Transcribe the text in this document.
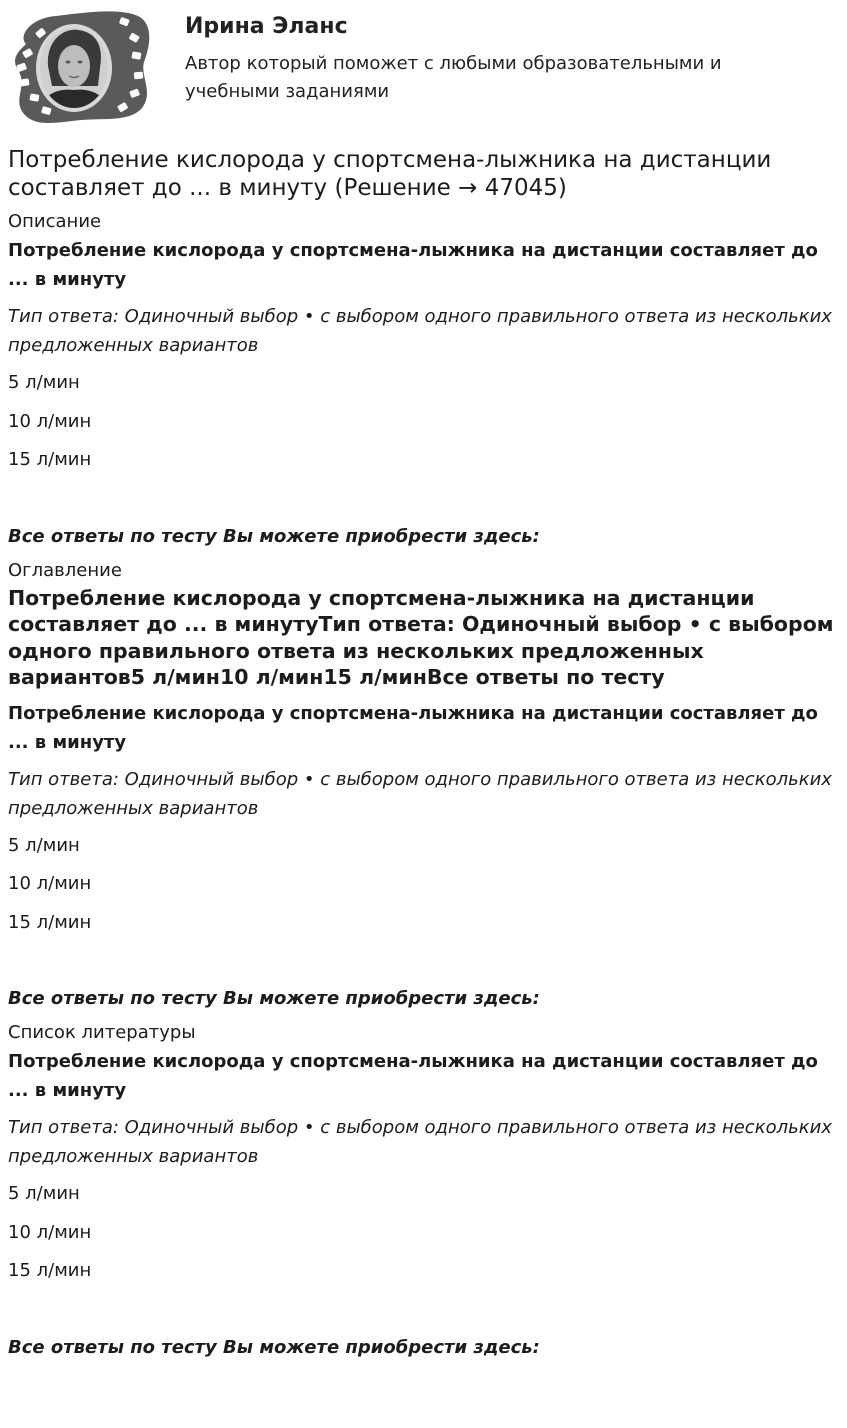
Ирина Эланс

Автор который поможет с любыми образовательными и учебными заданиями

Потребление кислорода у спортсмена-лыжника на дистанции составляет до ... в минуту (Решение → 47045)
Описание

Потребление кислорода у спортсмена-лыжника на дистанции составляет до ... в минуту

Тип ответа: Одиночный выбор • с выбором одного правильного ответа из нескольких предложенных вариантов

5 л/мин

10 л/мин

15 л/мин

Все ответы по тесту Вы можете приобрести здесь:

Оглавление
Потребление кислорода у спортсмена-лыжника на дистанции составляет до ... в минутуТип ответа: Одиночный выбор • с выбором одного правильного ответа из нескольких предложенных вариантов5 л/мин10 л/мин15 л/минВсе ответы по тесту

Потребление кислорода у спортсмена-лыжника на дистанции составляет до ... в минуту

Тип ответа: Одиночный выбор • с выбором одного правильного ответа из нескольких предложенных вариантов

5 л/мин

10 л/мин

15 л/мин

Все ответы по тесту Вы можете приобрести здесь:

Список литературы

Потребление кислорода у спортсмена-лыжника на дистанции составляет до ... в минуту

Тип ответа: Одиночный выбор • с выбором одного правильного ответа из нескольких предложенных вариантов

5 л/мин

10 л/мин

15 л/мин

Все ответы по тесту Вы можете приобрести здесь:
